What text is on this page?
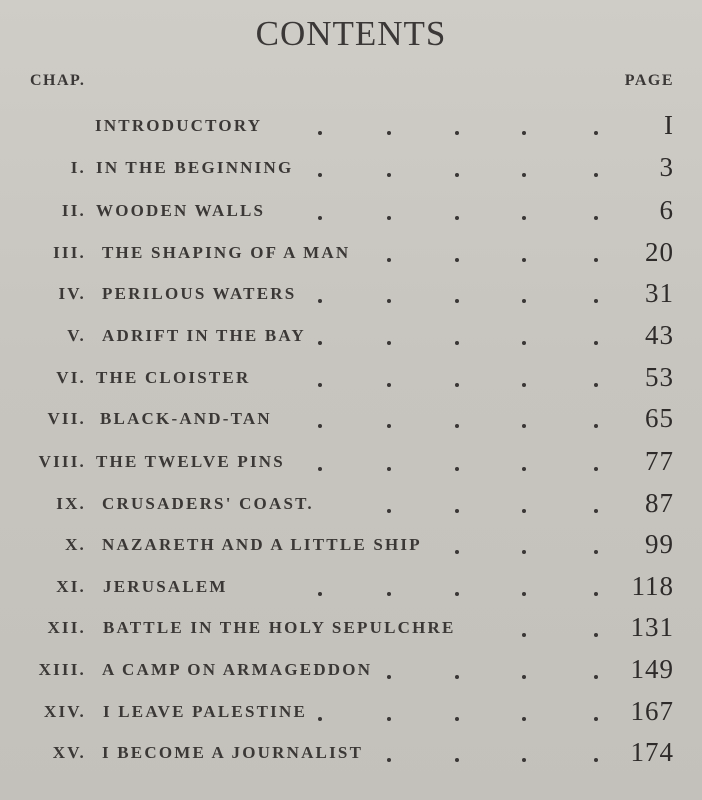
CONTENTS
CHAP.	PAGE
INTRODUCTORY	I
I. IN THE BEGINNING	3
II. WOODEN WALLS	6
III. THE SHAPING OF A MAN	20
IV. PERILOUS WATERS	31
V. ADRIFT IN THE BAY	43
VI. THE CLOISTER	53
VII. BLACK-AND-TAN	65
VIII. THE TWELVE PINS	77
IX. CRUSADERS' COAST.	87
X. NAZARETH AND A LITTLE SHIP	99
XI. JERUSALEM	118
XII. BATTLE IN THE HOLY SEPULCHRE	131
XIII. A CAMP ON ARMAGEDDON	149
XIV. I LEAVE PALESTINE	167
XV. I BECOME A JOURNALIST	174
